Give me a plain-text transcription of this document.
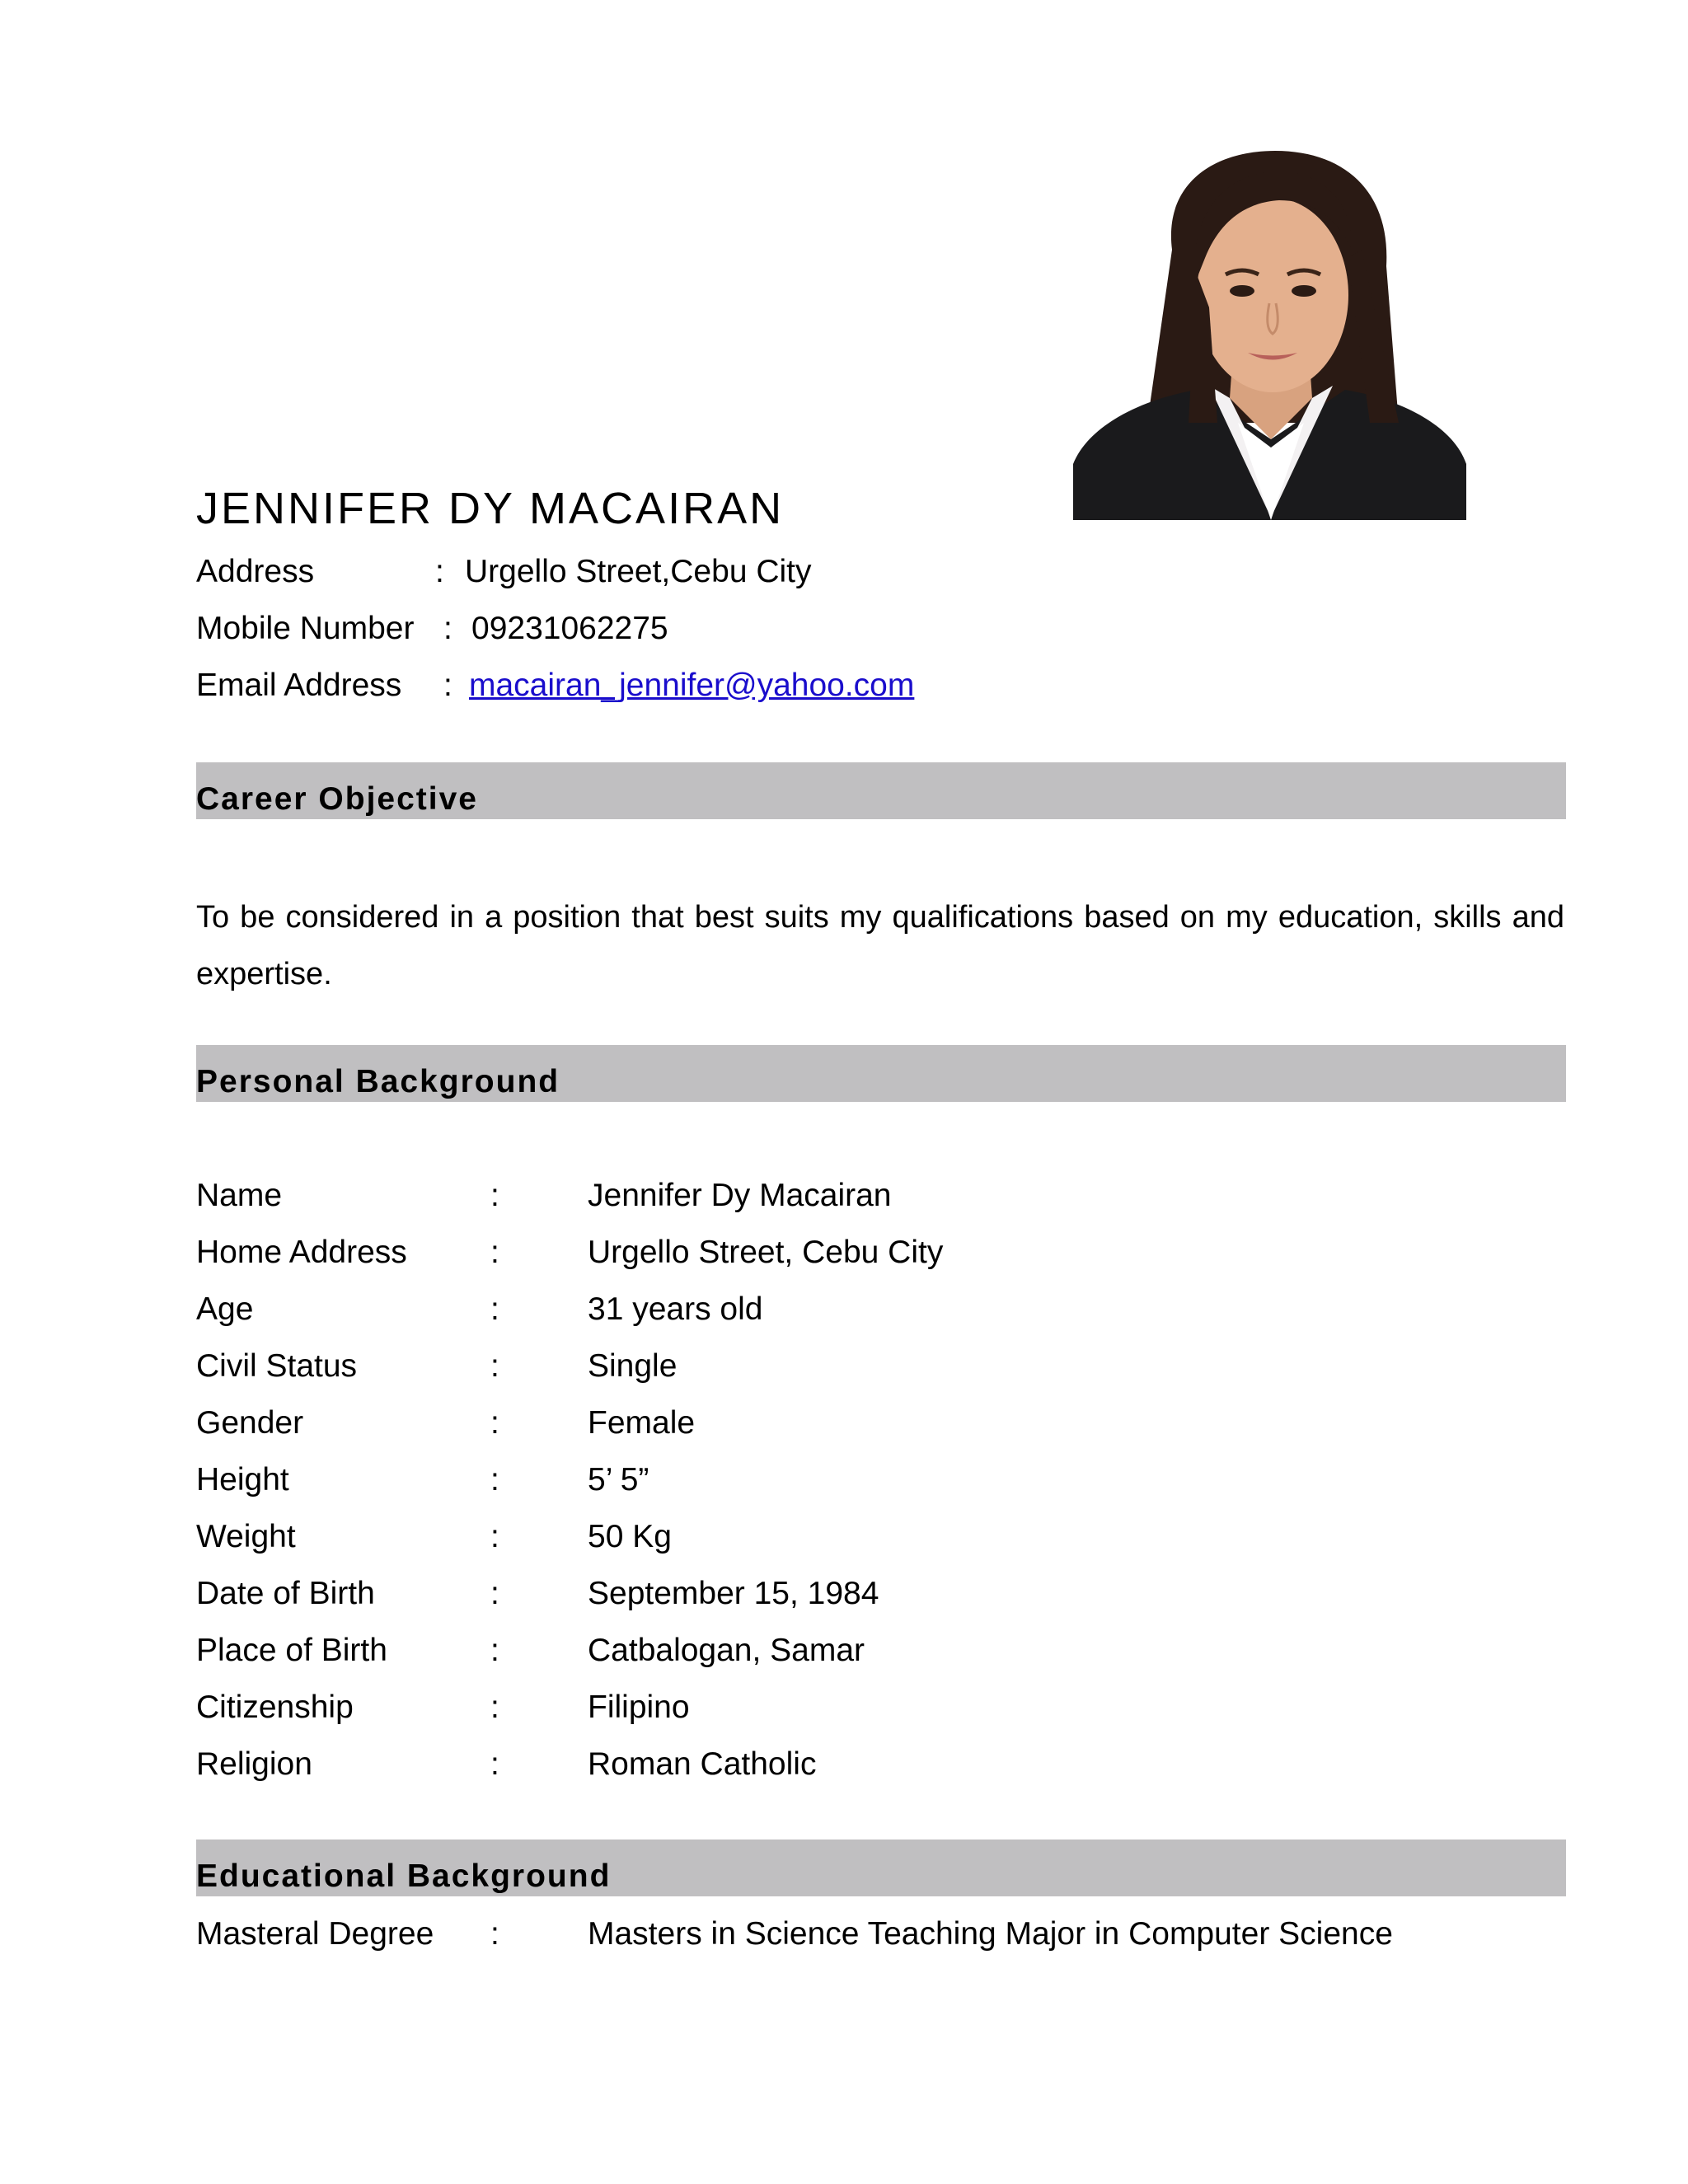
JENNIFER DY MACAIRAN
Address	: Urgello Street,Cebu City
Mobile Number : 09231062275
Email Address : macairan_jennifer@yahoo.com
Career Objective
To be considered in a position that best suits my qualifications based on my education, skills and expertise.
Personal Background
Name	:	Jennifer Dy Macairan
Home Address	:	Urgello Street, Cebu City
Age	:	31 years old
Civil Status	:	Single
Gender	:	Female
Height	:	5’ 5”
Weight	:	50 Kg
Date of Birth	:	September 15, 1984
Place of Birth	:	Catbalogan, Samar
Citizenship	:	Filipino
Religion	:	Roman Catholic
Educational Background
Masteral Degree :	Masters in Science Teaching Major in Computer Science
